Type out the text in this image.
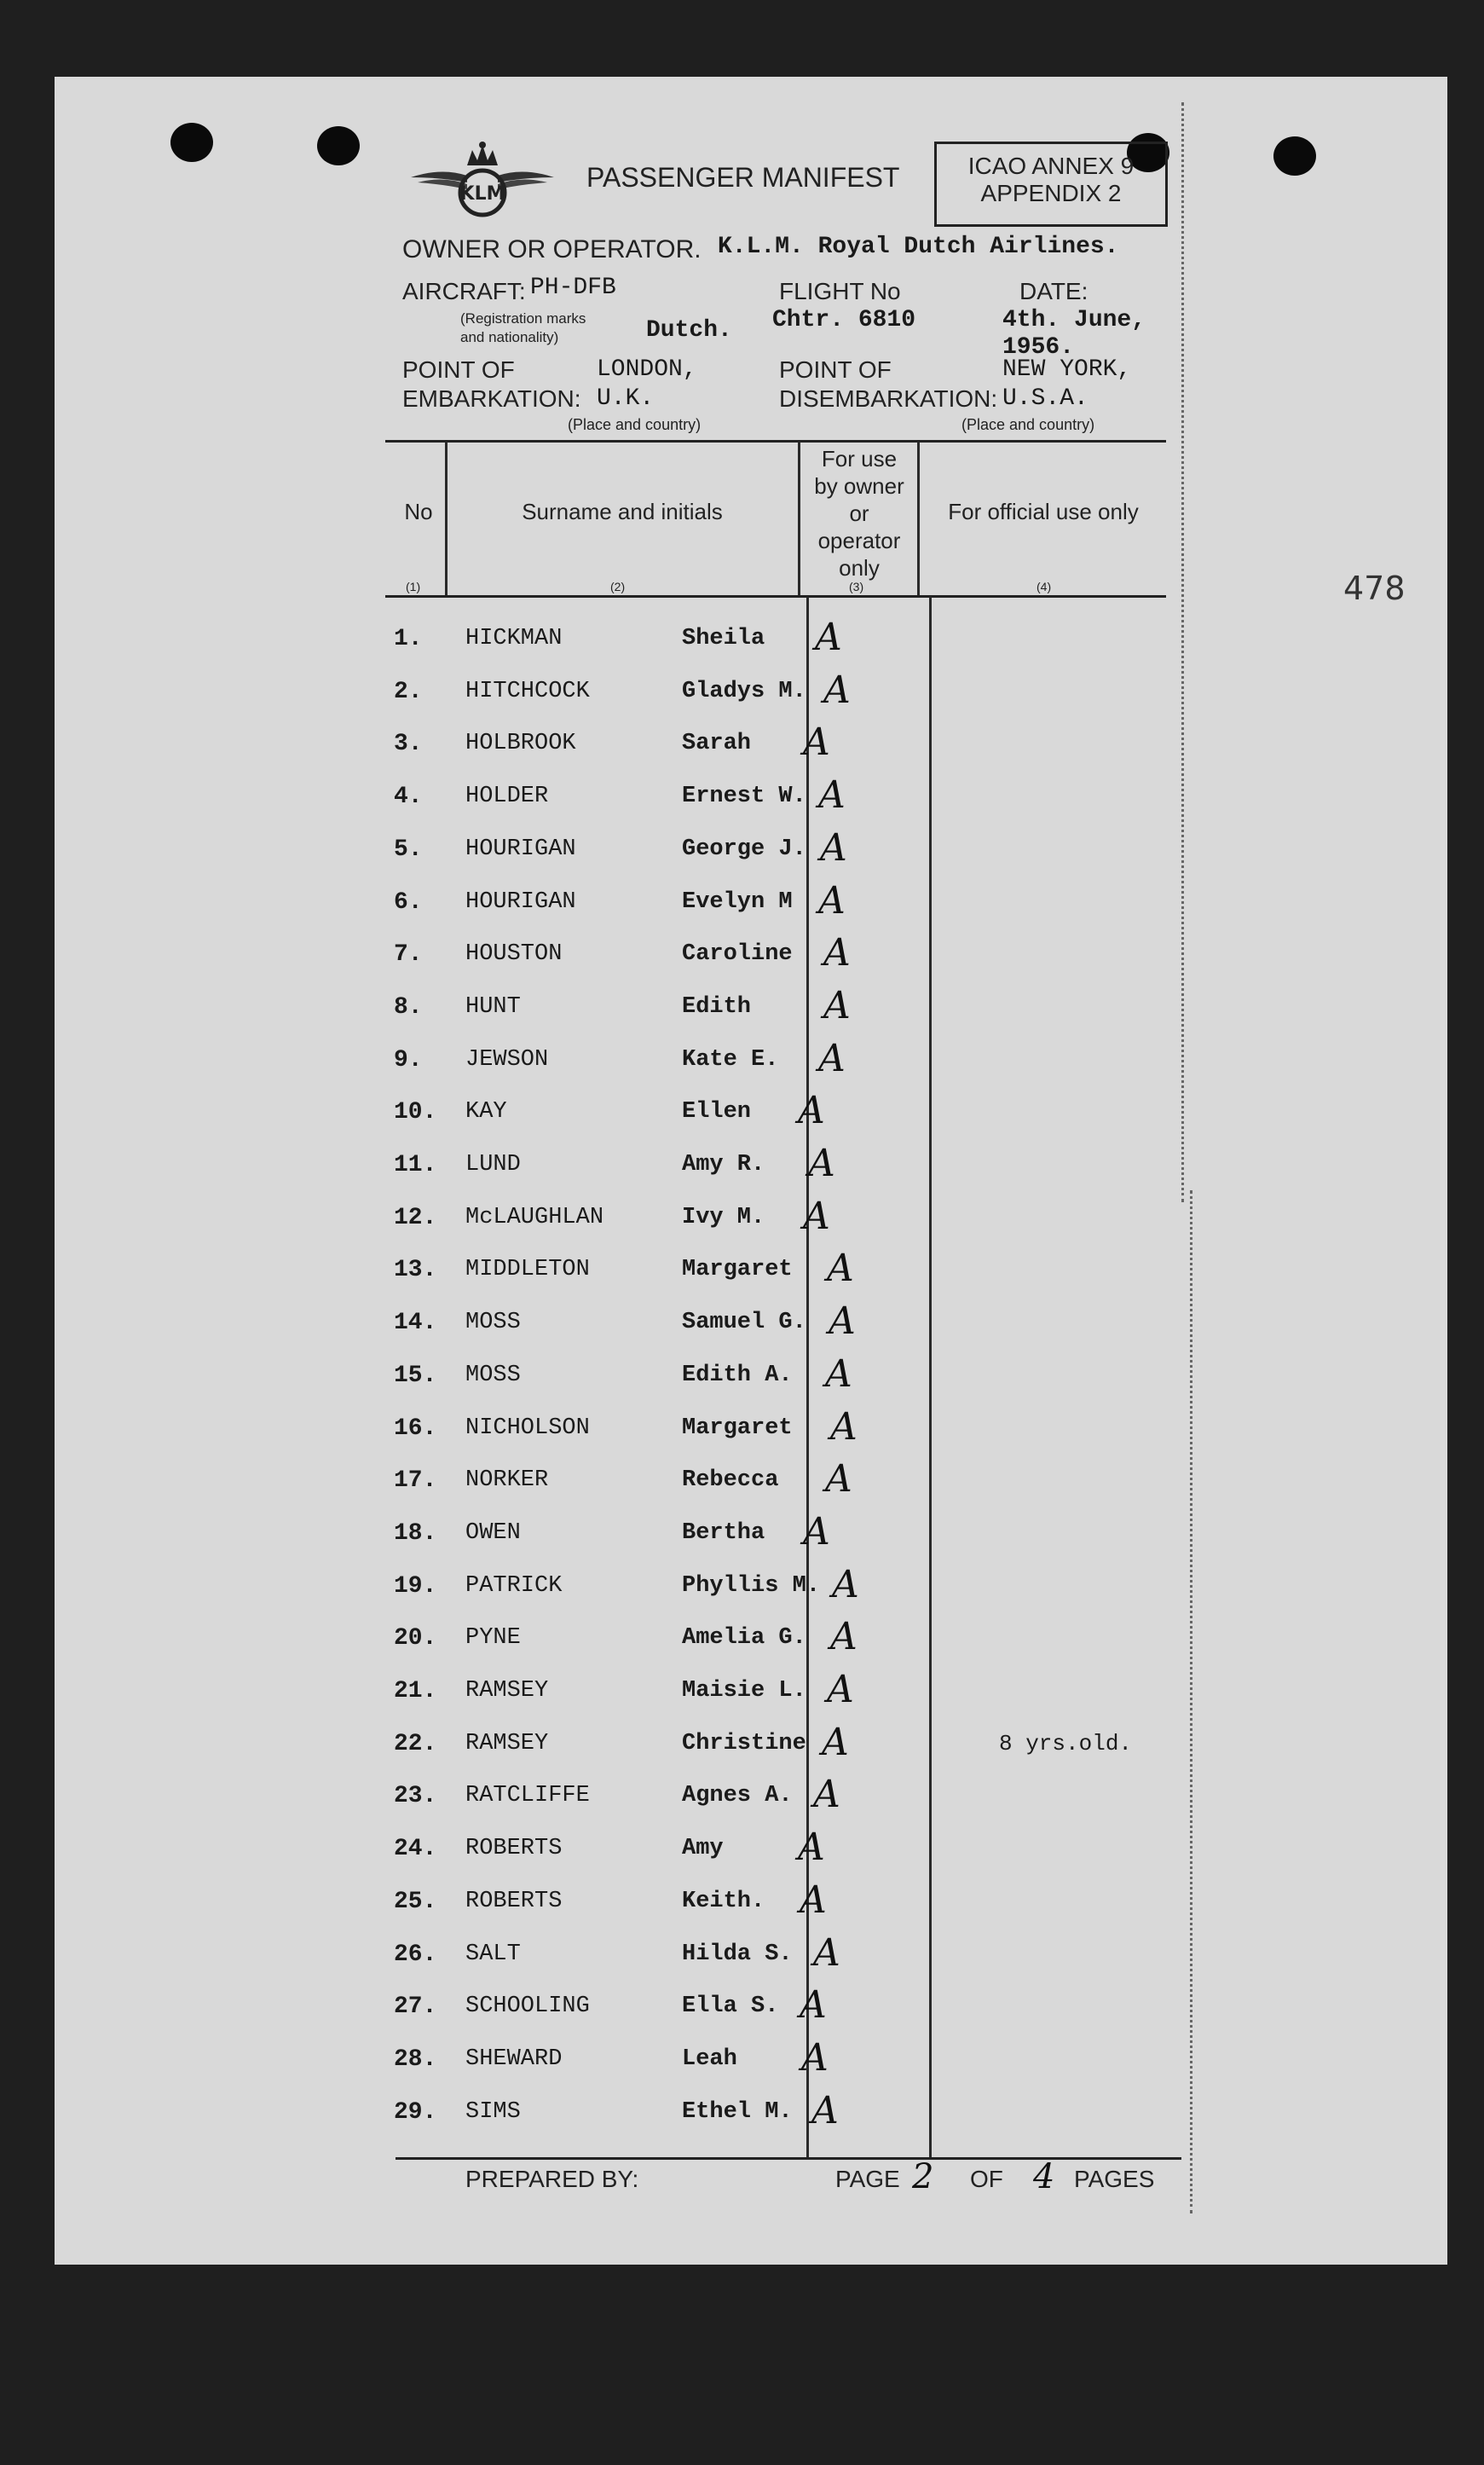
KLM
PASSENGER MANIFEST	ICAO ANNEX 9
APPENDIX 2
478
OWNER OR OPERATOR. K.L.M. Royal Dutch Airlines.
AIRCRAFT: PH-DFB
(Registration marks
and nationality)	Dutch.
FLIGHT No
Chtr. 6810
DATE:
4th. June,
1956.
POINT OF
EMBARKATION:
LONDON,
U.K.
(Place and country)
POINT OF
DISEMBARKATION:
NEW YORK,
U.S.A.
(Place and country)
No	Surname and initials
For use
by owner
or
operator
only
For official use only
(1)	(2)	(3)	(4)
1. HICKMAN	Sheila A
2. HITCHCOCK	Gladys M. A
3. HOLBROOK	Sarah A
4. HOLDER	Ernest W. A
5. HOURIGAN	George J. A
6. HOURIGAN	Evelyn M A
7. HOUSTON	Caroline A
8. HUNT	Edith A
9. JEWSON	Kate E. A
10. KAY	Ellen A
11. LUND	Amy R. A
12. McLAUGHLAN	Ivy M. A
13. MIDDLETON	Margaret A
14. MOSS	Samuel G. A
15. MOSS	Edith A. A
16. NICHOLSON	Margaret A
17. NORKER	Rebecca A
18. OWEN	Bertha A
19. PATRICK	Phyllis M. A
20. PYNE	Amelia G. A
21. RAMSEY	Maisie L. A
22. RAMSEY	Christine A	8 yrs.old.
23. RATCLIFFE	Agnes A. A
24. ROBERTS	Amy A
25. ROBERTS	Keith. A
26. SALT	Hilda S. A
27. SCHOOLING	Ella S. A
28. SHEWARD	Leah A
29. SIMS	Ethel M. A
PREPARED BY:	PAGE 2 OF 4 PAGES
